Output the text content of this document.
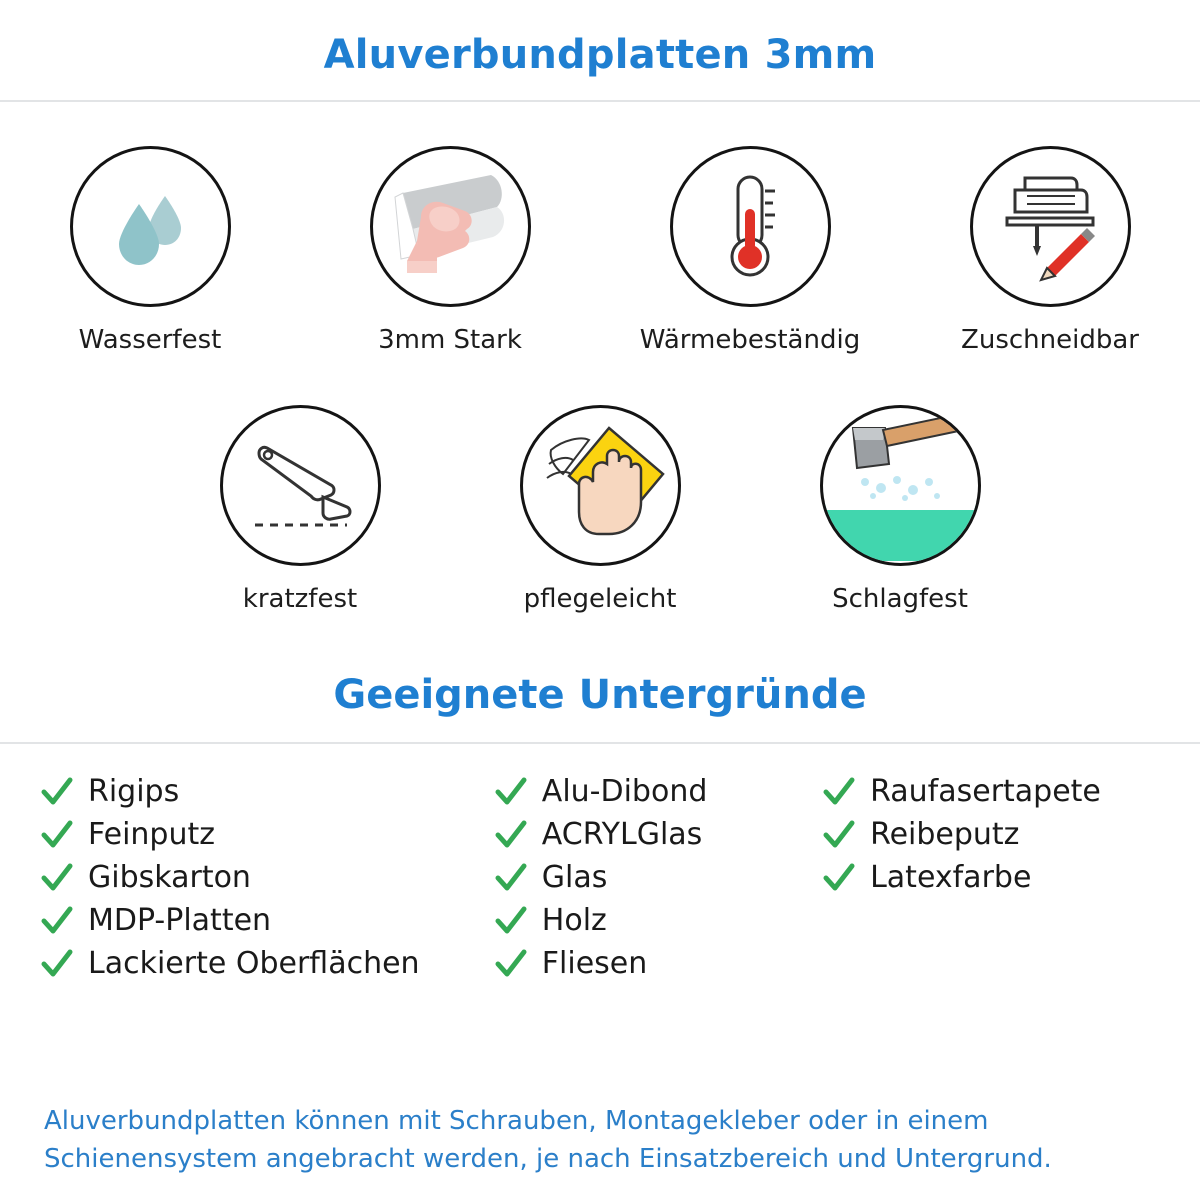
Aluverbundplatten 3mm
Wasserfest	3mm Stark	Wärmebeständig	Zuschneidbar
kratzfest	pflegeleicht	Schlagfest
Geeignete Untergründe
Rigips
Feinputz
Gibskarton
MDP-Platten
Lackierte Oberflächen
Alu-Dibond
ACRYLGlas
Glas
Holz
Fliesen
Raufasertapete
Reibeputz
Latexfarbe
Aluverbundplatten können mit Schrauben, Montagekleber oder in einem Schienensystem angebracht werden, je nach Einsatzbereich und Untergrund.
